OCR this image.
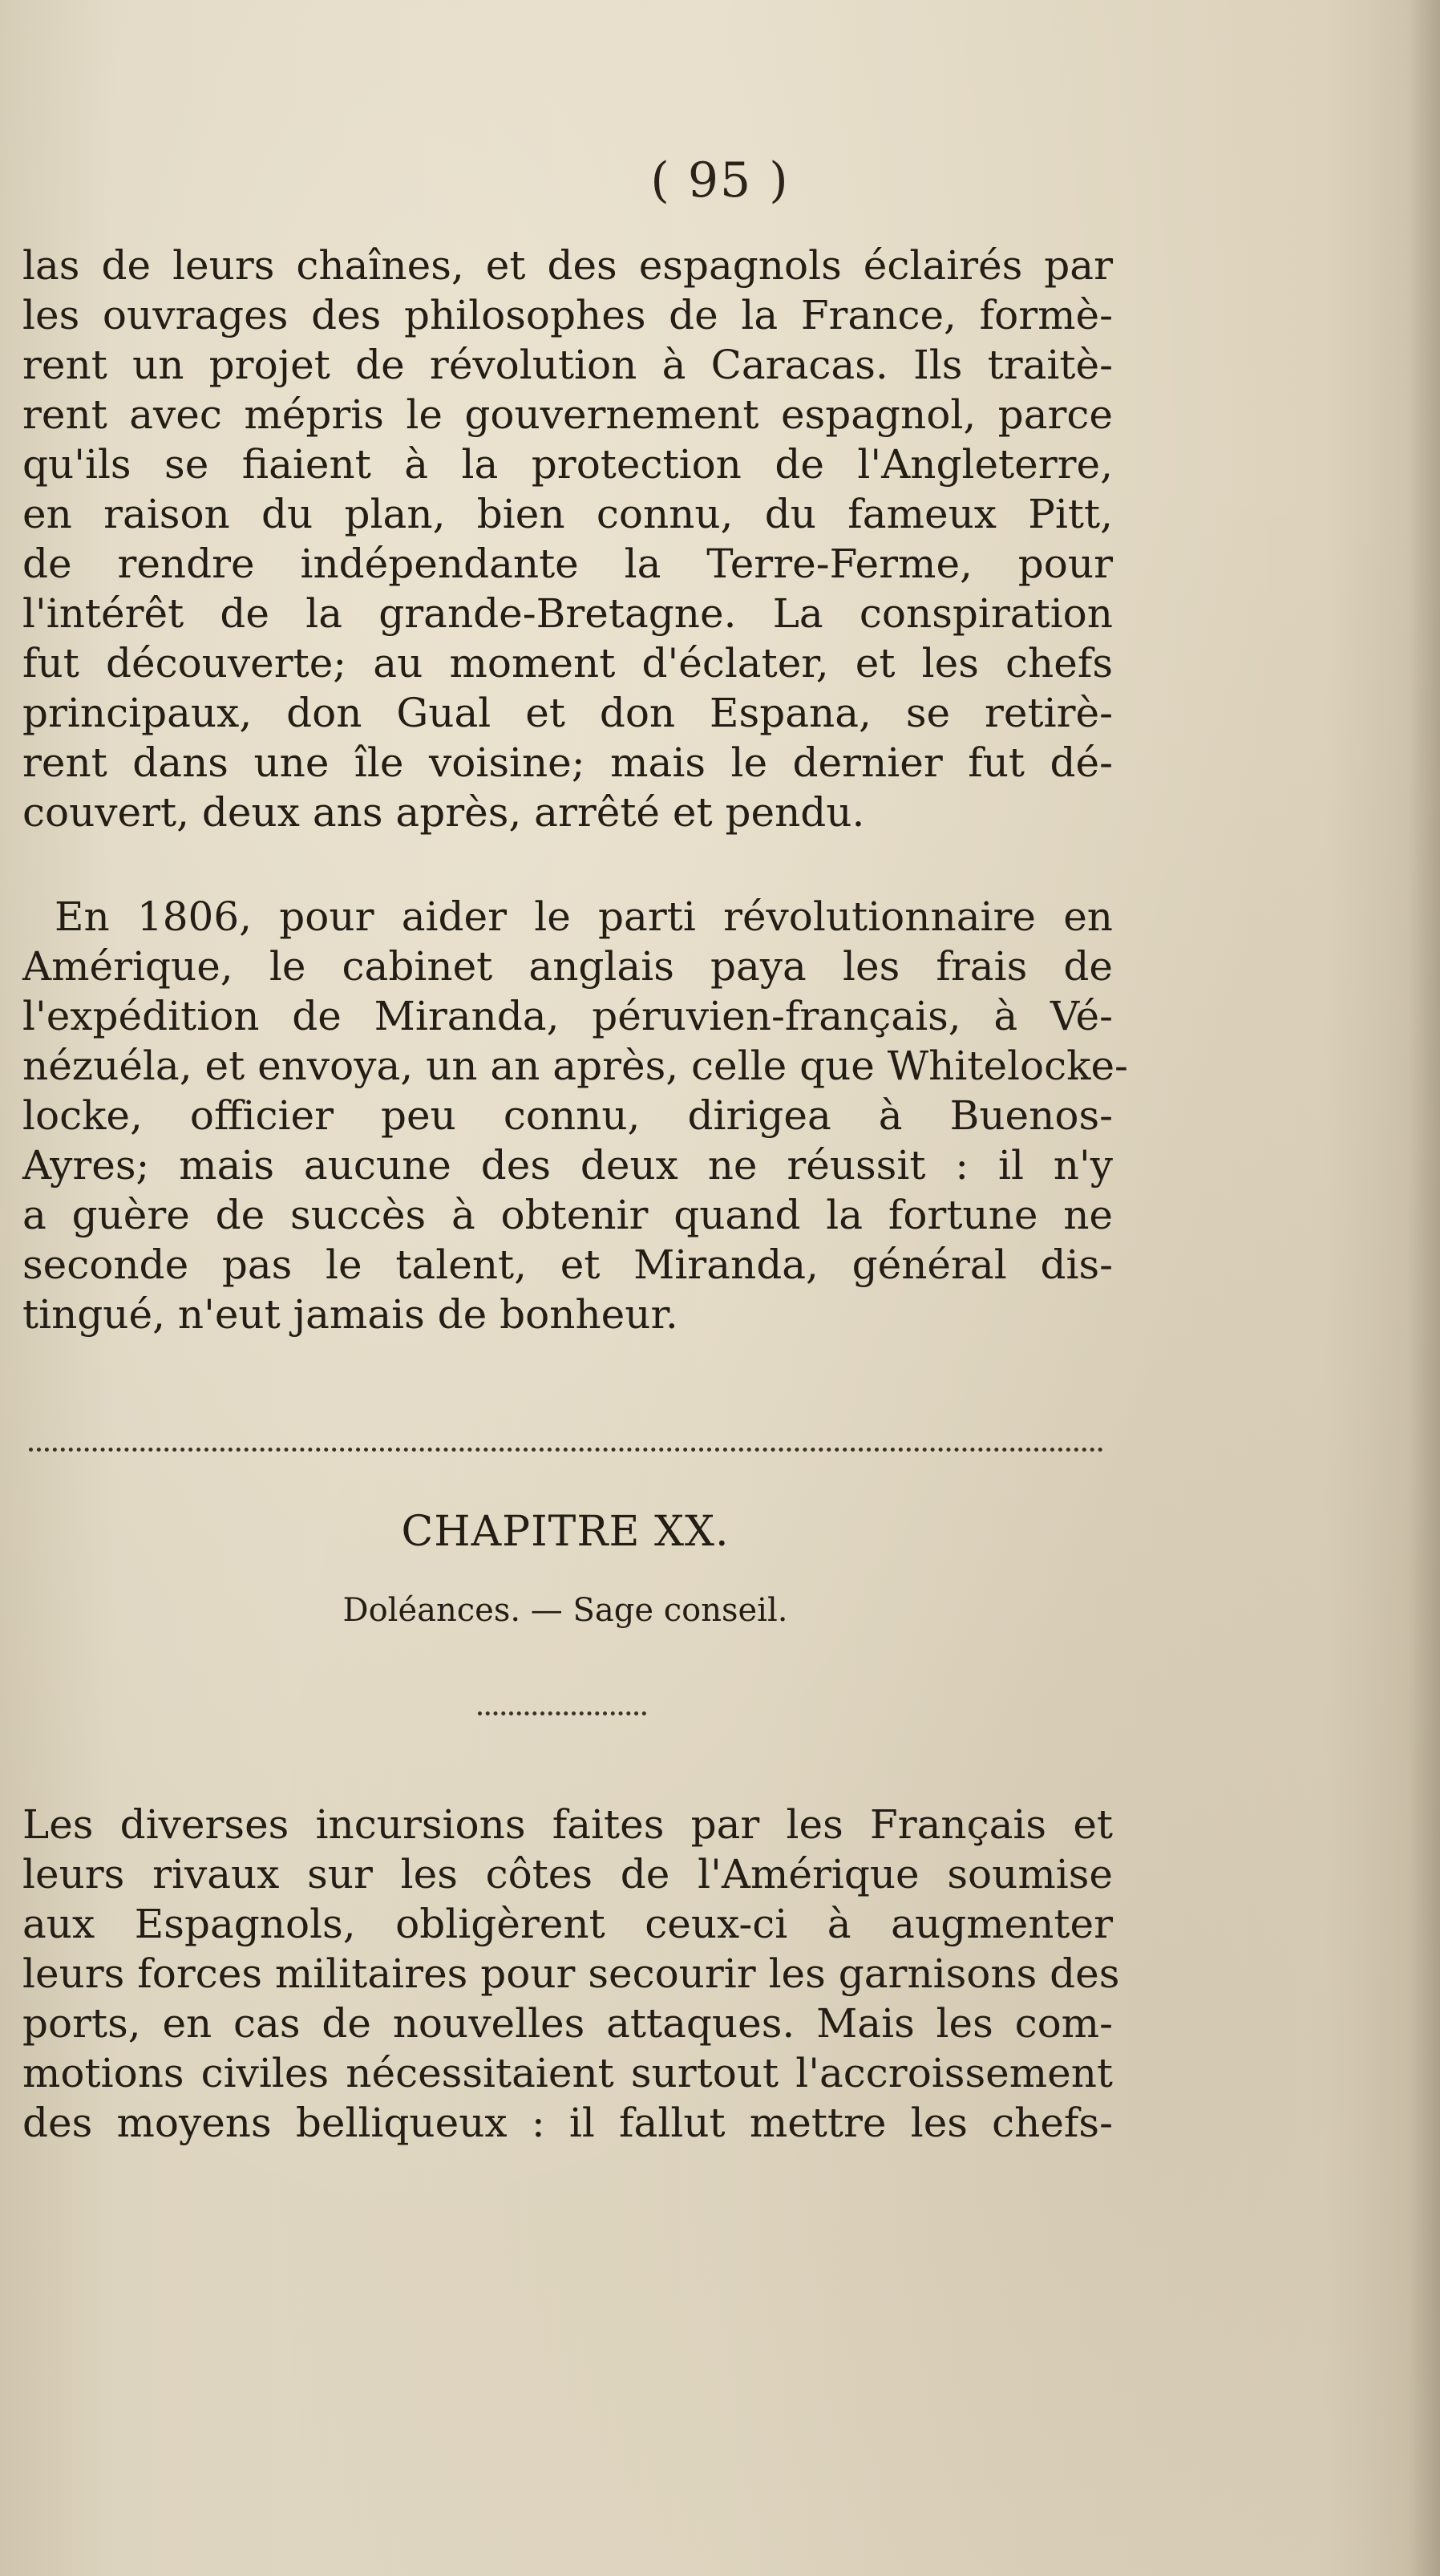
( 95 )
las de leurs chaînes, et des espagnols éclairés par
les ouvrages des philosophes de la France, formè-
rent un projet de révolution à Caracas. Ils traitè-
rent avec mépris le gouvernement espagnol, parce
qu'ils se fiaient à la protection de l'Angleterre,
en raison du plan, bien connu, du fameux Pitt,
de rendre indépendante la Terre-Ferme, pour
l'intérêt de la grande-Bretagne. La conspiration
fut découverte; au moment d'éclater, et les chefs
principaux, don Gual et don Espana, se retirè-
rent dans une île voisine; mais le dernier fut dé-
couvert, deux ans après, arrêté et pendu.
En 1806, pour aider le parti révolutionnaire en
Amérique, le cabinet anglais paya les frais de
l'expédition de Miranda, péruvien-français, à Vé-
nézuéla, et envoya, un an après, celle que Whitelocke-
locke, officier peu connu, dirigea à Buenos-
Ayres; mais aucune des deux ne réussit : il n'y
a guère de succès à obtenir quand la fortune ne
seconde pas le talent, et Miranda, général dis-
tingué, n'eut jamais de bonheur.
CHAPITRE XX.
Doléances. — Sage conseil.
Les diverses incursions faites par les Français et
leurs rivaux sur les côtes de l'Amérique soumise
aux Espagnols, obligèrent ceux-ci à augmenter
leurs forces militaires pour secourir les garnisons des
ports, en cas de nouvelles attaques. Mais les com-
motions civiles nécessitaient surtout l'accroissement
des moyens belliqueux : il fallut mettre les chefs-
